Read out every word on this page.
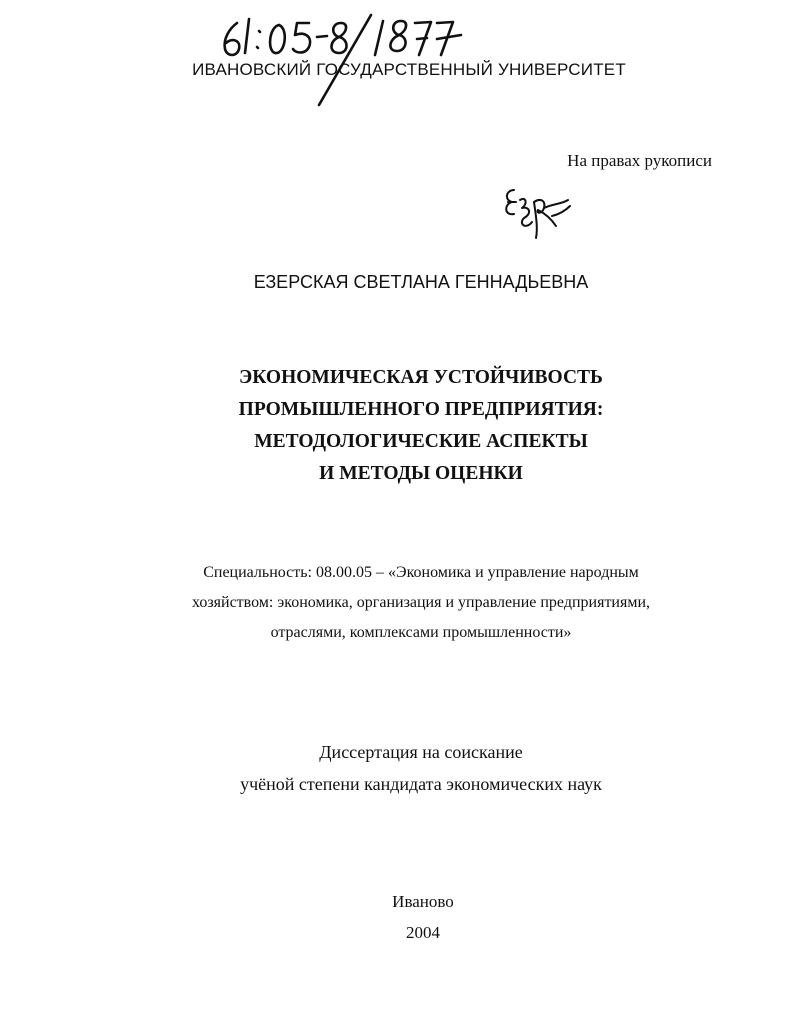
ИВАНОВСКИЙ ГОСУДАРСТВЕННЫЙ УНИВЕРСИТЕТ
На правах рукописи
ЕЗЕРСКАЯ СВЕТЛАНА ГЕННАДЬЕВНА
ЭКОНОМИЧЕСКАЯ УСТОЙЧИВОСТЬ
ПРОМЫШЛЕННОГО ПРЕДПРИЯТИЯ:
МЕТОДОЛОГИЧЕСКИЕ АСПЕКТЫ
И МЕТОДЫ ОЦЕНКИ
Специальность: 08.00.05 – «Экономика и управление народным
хозяйством: экономика, организация и управление предприятиями,
отраслями, комплексами промышленности»
Диссертация на соискание
учёной степени кандидата экономических наук
Иваново
2004
